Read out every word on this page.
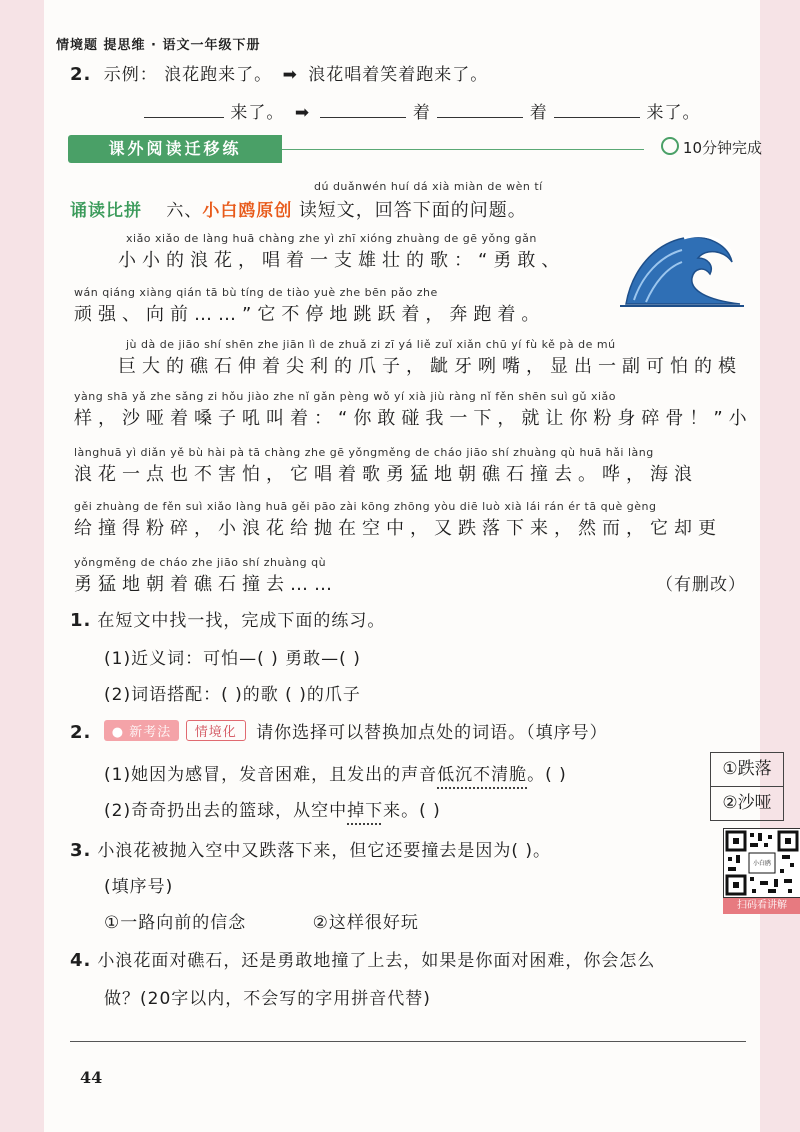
情境题 提思维 · 语文一年级下册
2. 示例： 浪花跑来了。 ➡ 浪花唱着笑着跑来了。
来了。 ➡	着	着	来了。
课外阅读迁移练	10分钟完成
dú duǎnwén huí dá xià miàn de wèn tí
诵读比拼 六、小白鸥原创 读短文，回答下面的问题。
xiǎo xiǎo de làng huā chàng zhe yì zhī xióng zhuàng de gē yǒng gǎn
小小的浪花，唱着一支雄壮的歌：“勇敢、
wán qiáng xiàng qián tā bù tíng de tiào yuè zhe bēn pǎo zhe
顽强、向前……”它不停地跳跃着，奔跑着。
jù dà de jiāo shí shēn zhe jiān lì de zhuǎ zi zī yá liě zuǐ xiǎn chū yí fù kě pà de mú
巨大的礁石伸着尖利的爪子，龇牙咧嘴，显出一副可怕的模
yàng shā yǎ zhe sǎng zi hǒu jiào zhe nǐ gǎn pèng wǒ yí xià jiù ràng nǐ fěn shēn suì gǔ xiǎo
样，沙哑着嗓子吼叫着：“你敢碰我一下，就让你粉身碎骨！”小
lànghuā yì diǎn yě bù hài pà tā chàng zhe gē yǒngměng de cháo jiāo shí zhuàng qù huā hǎi làng
浪花一点也不害怕，它唱着歌勇猛地朝礁石撞去。哗，海浪
gěi zhuàng de fěn suì xiǎo làng huā gěi pāo zài kōng zhōng yòu diē luò xià lái rán ér tā què gèng
给撞得粉碎，小浪花给抛在空中，又跌落下来，然而，它却更
yǒngměng de cháo zhe jiāo shí zhuàng qù
勇猛地朝着礁石撞去……	（有删改）
1. 在短文中找一找，完成下面的练习。
(1)近义词：可怕—( ) 勇敢—( )
(2)词语搭配：( )的歌 ( )的爪子
2. ● 新考法 情境化 请你选择可以替换加点处的词语。（填序号）
(1)她因为感冒，发音困难，且发出的声音低沉不清脆。( )
(2)奇奇扔出去的篮球，从空中掉下来。( )
①跌落
②沙哑
3. 小浪花被抛入空中又跌落下来，但它还要撞去是因为( )。
(填序号)
①一路向前的信念	②这样很好玩
小白鸥
扫码看讲解
4. 小浪花面对礁石，还是勇敢地撞了上去，如果是你面对困难，你会怎么
做？(20字以内，不会写的字用拼音代替)
44
